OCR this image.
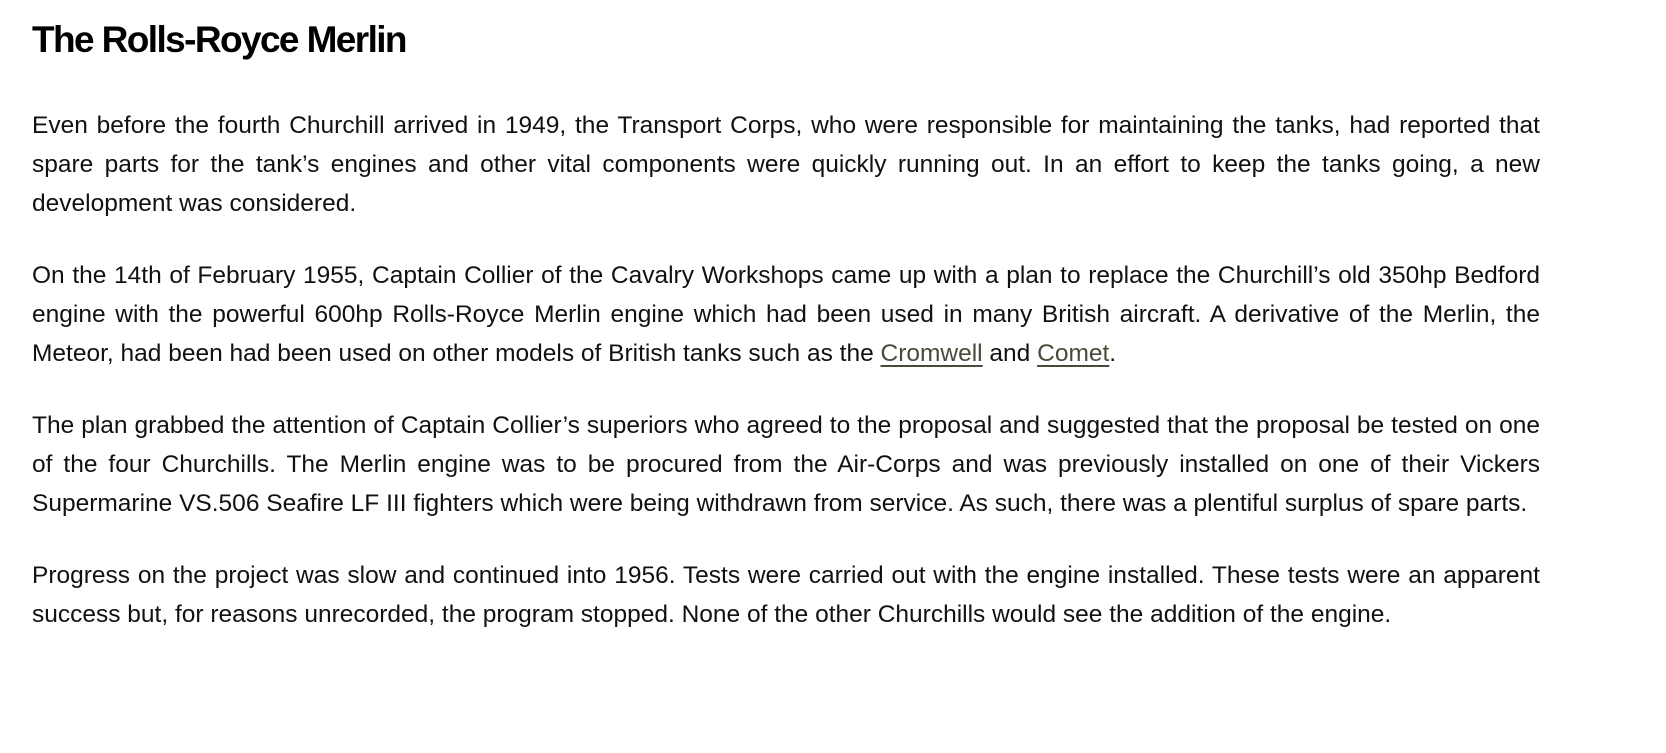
The Rolls-Royce Merlin

Even before the fourth Churchill arrived in 1949, the Transport Corps, who were responsible for maintaining the tanks, had reported that spare parts for the tank’s engines and other vital components were quickly running out. In an effort to keep the tanks going, a new development was considered.

On the 14th of February 1955, Captain Collier of the Cavalry Workshops came up with a plan to replace the Churchill’s old 350hp Bedford engine with the powerful 600hp Rolls-Royce Merlin engine which had been used in many British aircraft. A derivative of the Merlin, the Meteor, had been had been used on other models of British tanks such as the Cromwell and Comet.

The plan grabbed the attention of Captain Collier’s superiors who agreed to the proposal and suggested that the proposal be tested on one of the four Churchills. The Merlin engine was to be procured from the Air-Corps and was previously installed on one of their Vickers Supermarine VS.506 Seafire LF III fighters which were being withdrawn from service. As such, there was a plentiful surplus of spare parts.

Progress on the project was slow and continued into 1956. Tests were carried out with the engine installed. These tests were an apparent success but, for reasons unrecorded, the program stopped. None of the other Churchills would see the addition of the engine.
